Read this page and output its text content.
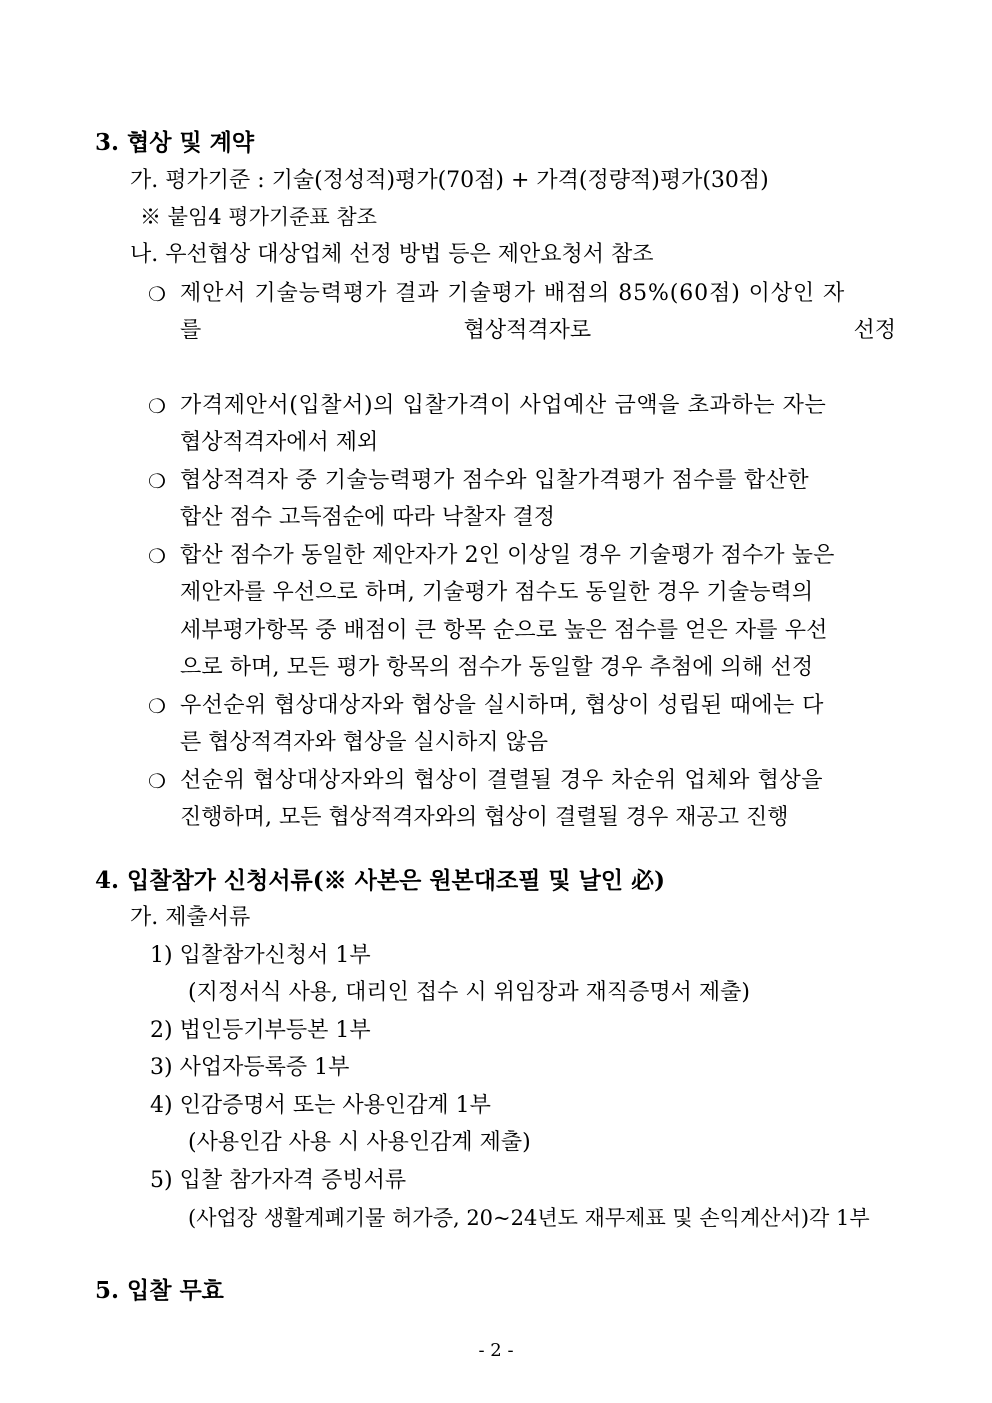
3. 협상 및 계약
가. 평가기준 : 기술(정성적)평가(70점) + 가격(정량적)평가(30점)
※ 붙임4 평가기준표 참조
나. 우선협상 대상업체 선정 방법 등은 제안요청서 참조
❍ 제안서 기술능력평가 결과 기술평가 배점의 85%(60점) 이상인 자
를	협상적격자로	선정
❍ 가격제안서(입찰서)의 입찰가격이 사업예산 금액을 초과하는 자는
협상적격자에서 제외
❍ 협상적격자 중 기술능력평가 점수와 입찰가격평가 점수를 합산한
합산 점수 고득점순에 따라 낙찰자 결정
❍ 합산 점수가 동일한 제안자가 2인 이상일 경우 기술평가 점수가 높은
제안자를 우선으로 하며, 기술평가 점수도 동일한 경우 기술능력의
세부평가항목 중 배점이 큰 항목 순으로 높은 점수를 얻은 자를 우선
으로 하며, 모든 평가 항목의 점수가 동일할 경우 추첨에 의해 선정
❍ 우선순위 협상대상자와 협상을 실시하며, 협상이 성립된 때에는 다
른 협상적격자와 협상을 실시하지 않음
❍ 선순위 협상대상자와의 협상이 결렬될 경우 차순위 업체와 협상을
진행하며, 모든 협상적격자와의 협상이 결렬될 경우 재공고 진행
4. 입찰참가 신청서류(※ 사본은 원본대조필 및 날인 必)
가. 제출서류
1) 입찰참가신청서 1부
(지정서식 사용, 대리인 접수 시 위임장과 재직증명서 제출)
2) 법인등기부등본 1부
3) 사업자등록증 1부
4) 인감증명서 또는 사용인감계 1부
(사용인감 사용 시 사용인감계 제출)
5) 입찰 참가자격 증빙서류
(사업장 생활계폐기물 허가증, 20~24년도 재무제표 및 손익계산서)각 1부
5. 입찰 무효
- 2 -
